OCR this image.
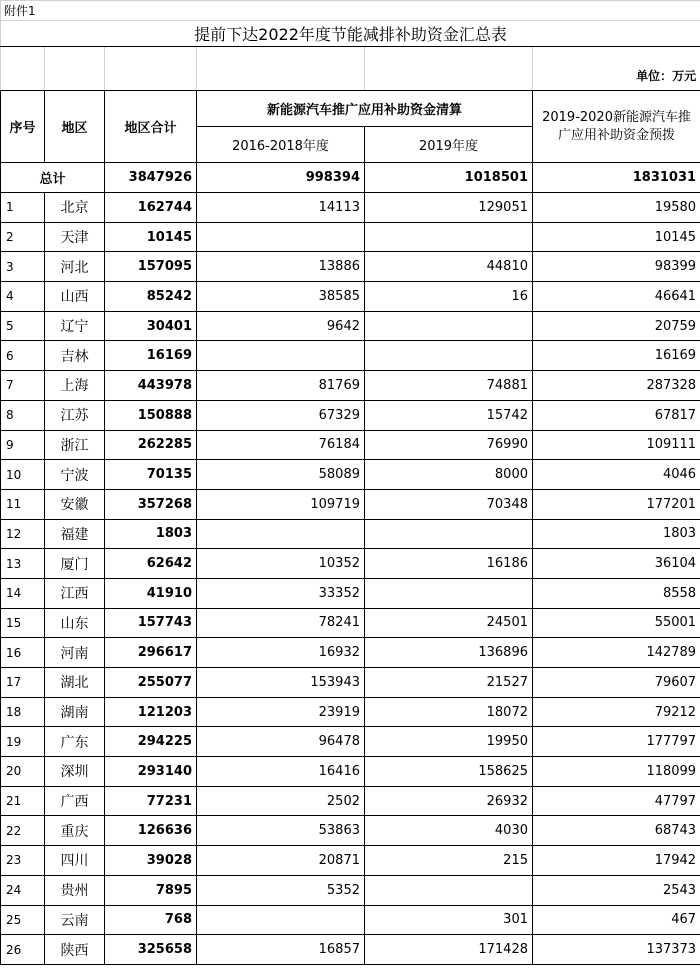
附件1					
提前下达2022年度节能减排补助资金汇总表					
					单位：万元
序号	地区	地区合计	新能源汽车推广应用补助资金清算		2019-2020新能源汽车推广应用补助资金预拨
			2016-2018年度	2019年度	
总计		3847926	998394	1018501	1831031
1	北京	162744	14113	129051	19580
2	天津	10145			10145
3	河北	157095	13886	44810	98399
4	山西	85242	38585	16	46641
5	辽宁	30401	9642		20759
6	吉林	16169			16169
7	上海	443978	81769	74881	287328
8	江苏	150888	67329	15742	67817
9	浙江	262285	76184	76990	109111
10	宁波	70135	58089	8000	4046
11	安徽	357268	109719	70348	177201
12	福建	1803			1803
13	厦门	62642	10352	16186	36104
14	江西	41910	33352		8558
15	山东	157743	78241	24501	55001
16	河南	296617	16932	136896	142789
17	湖北	255077	153943	21527	79607
18	湖南	121203	23919	18072	79212
19	广东	294225	96478	19950	177797
20	深圳	293140	16416	158625	118099
21	广西	77231	2502	26932	47797
22	重庆	126636	53863	4030	68743
23	四川	39028	20871	215	17942
24	贵州	7895	5352		2543
25	云南	768		301	467
26	陕西	325658	16857	171428	137373
